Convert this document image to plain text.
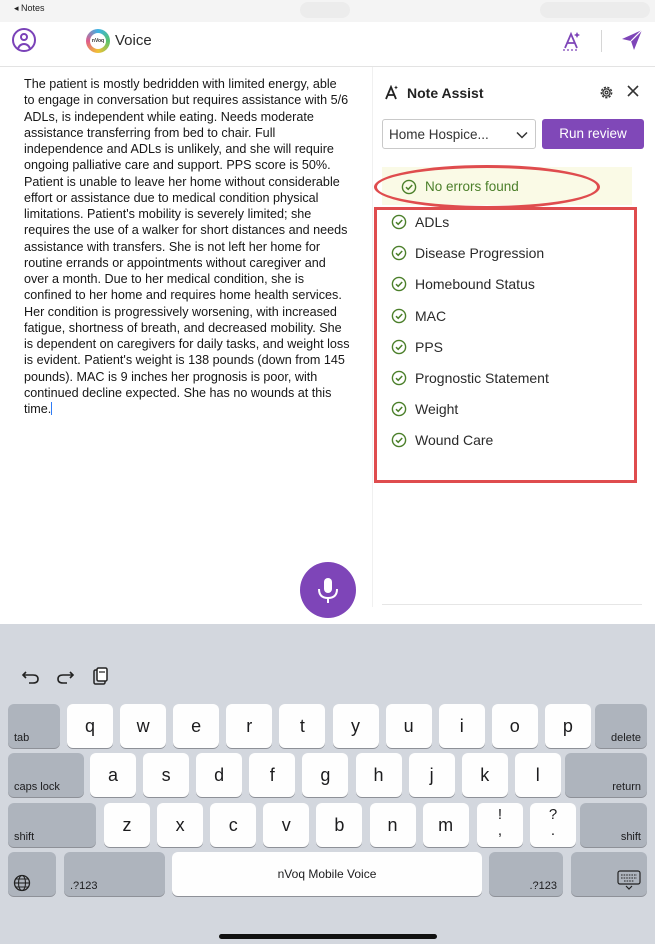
◂ Notes
nVoq Voice
The patient is mostly bedridden with limited energy, able to engage in conversation but requires assistance with 5/6 ADLs, is independent while eating. Needs moderate assistance transferring from bed to chair. Full independence and ADLs is unlikely, and she will require ongoing palliative care and support. PPS score is 50%. Patient is unable to leave her home without considerable effort or assistance due to medical condition physical limitations. Patient's mobility is severely limited; she requires the use of a walker for short distances and needs assistance with transfers. She is not left her home for routine errands or appointments without caregiver and over a month. Due to her medical condition, she is confined to her home and requires home health services. Her condition is progressively worsening, with increased fatigue, shortness of breath, and decreased mobility. She is dependent on caregivers for daily tasks, and weight loss is evident. Patient's weight is 138 pounds (down from 145 pounds). MAC is 9 inches her prognosis is poor, with continued decline expected. She has no wounds at this time.
Note Assist
Home Hospice...	Run review
No errors found
ADLs
Disease Progression
Homebound Status
MAC
PPS
Prognostic Statement
Weight
Wound Care
tab	delete
caps lock	return
shift
!
,
?
.	shift
.?123
nVoq Mobile Voice
.?123
q	w	e	r	t	y	u	i	o	p
a	s	d	f	g	h	j	k	l
z	x	c	v	b	n	m
